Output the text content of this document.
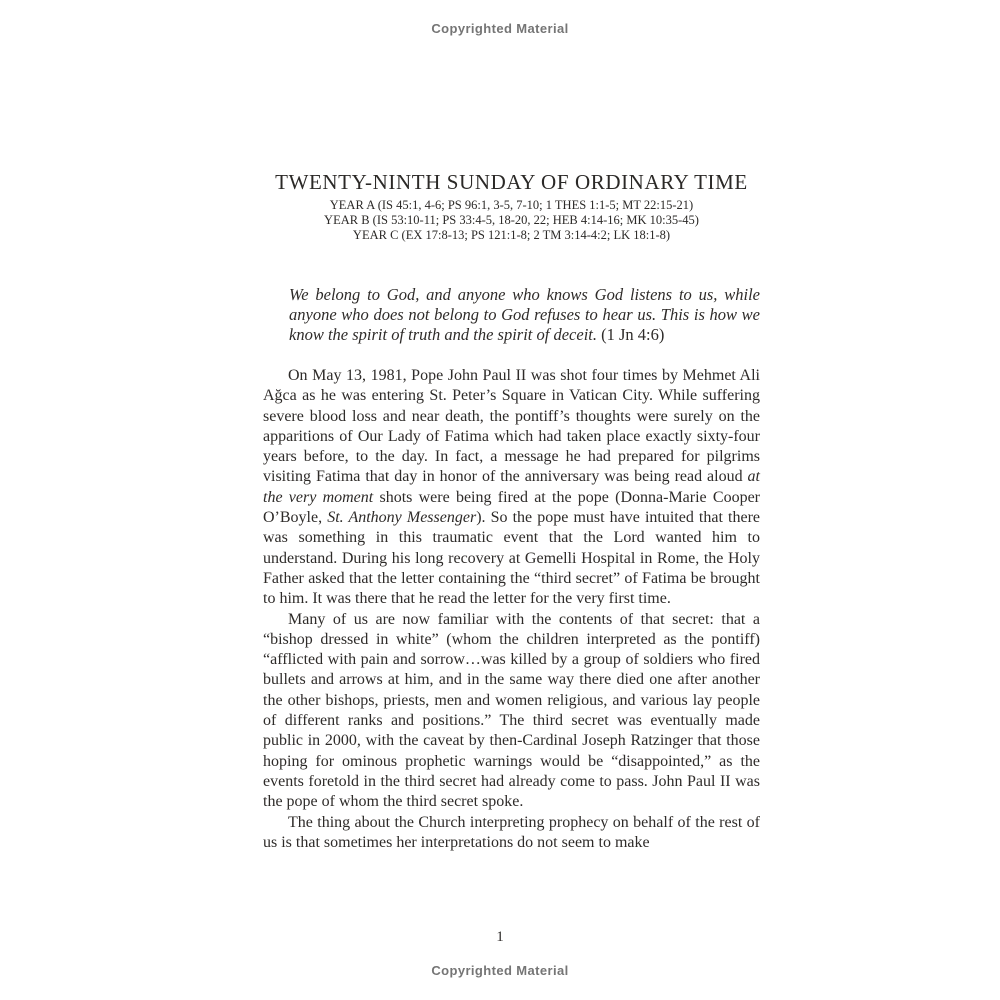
Copyrighted Material
TWENTY-NINTH SUNDAY OF ORDINARY TIME
YEAR A (IS 45:1, 4-6; PS 96:1, 3-5, 7-10; 1 THES 1:1-5; MT 22:15-21)
YEAR B (IS 53:10-11; PS 33:4-5, 18-20, 22; HEB 4:14-16; MK 10:35-45)
YEAR C (EX 17:8-13; PS 121:1-8; 2 TM 3:14-4:2; LK 18:1-8)

We belong to God, and anyone who knows God listens to us, while anyone who does not belong to God refuses to hear us. This is how we know the spirit of truth and the spirit of deceit. (1 Jn 4:6)

On May 13, 1981, Pope John Paul II was shot four times by Mehmet Ali Ağca as he was entering St. Peter’s Square in Vatican City. While suffering severe blood loss and near death, the pontiff’s thoughts were surely on the apparitions of Our Lady of Fatima which had taken place exactly sixty-four years before, to the day. In fact, a message he had prepared for pilgrims visiting Fatima that day in honor of the anniversary was being read aloud at the very moment shots were being fired at the pope (Donna-Marie Cooper O’Boyle, St. Anthony Messenger). So the pope must have intuited that there was something in this traumatic event that the Lord wanted him to understand. During his long recovery at Gemelli Hospital in Rome, the Holy Father asked that the letter containing the “third secret” of Fatima be brought to him. It was there that he read the letter for the very first time.

Many of us are now familiar with the contents of that secret: that a “bishop dressed in white” (whom the children interpreted as the pontiff) “afflicted with pain and sorrow…was killed by a group of soldiers who fired bullets and arrows at him, and in the same way there died one after another the other bishops, priests, men and women religious, and various lay people of different ranks and positions.” The third secret was eventually made public in 2000, with the caveat by then-Cardinal Joseph Ratzinger that those hoping for ominous prophetic warnings would be “disappointed,” as the events foretold in the third secret had already come to pass. John Paul II was the pope of whom the third secret spoke.

The thing about the Church interpreting prophecy on behalf of the rest of us is that sometimes her interpretations do not seem to make

1
Copyrighted Material
